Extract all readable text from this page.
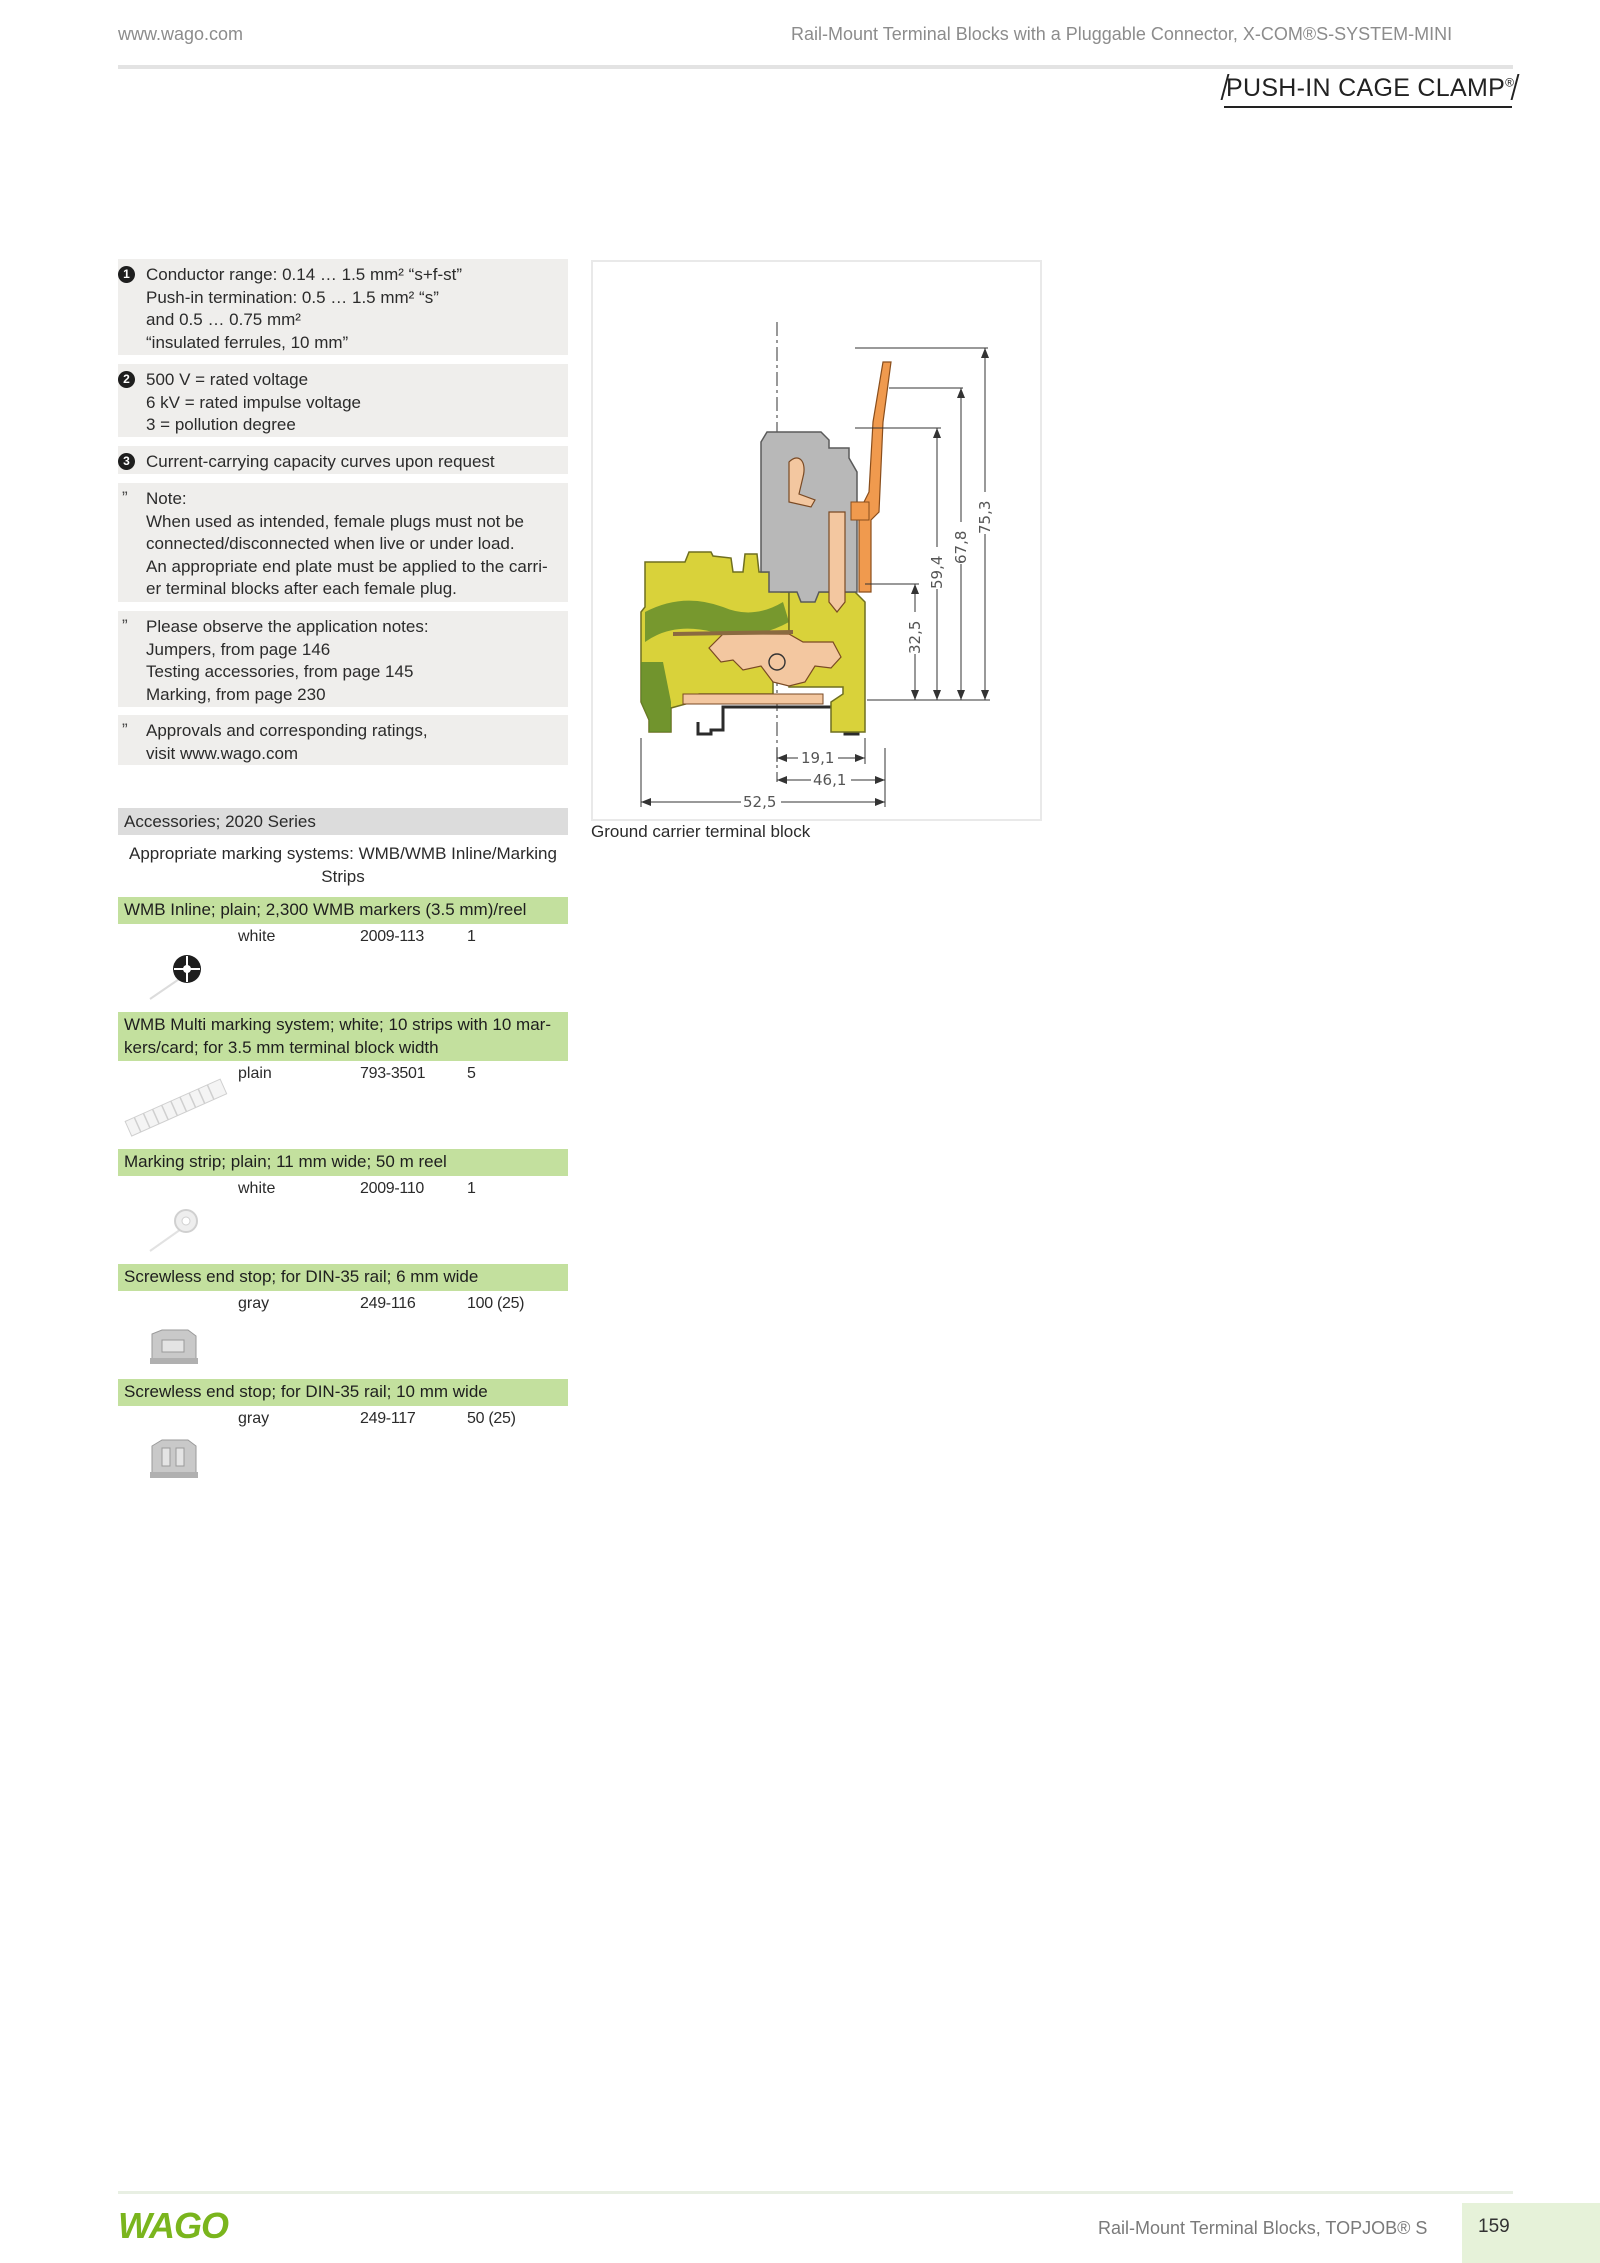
www.wago.com	Rail-Mount Terminal Blocks with a Pluggable Connector, X-COM®S-SYSTEM-MINI
PUSH-IN CAGE CLAMP®
1 Conductor range: 0.14 … 1.5 mm² “s+f-st”
Push-in termination: 0.5 … 1.5 mm² “s”
and 0.5 … 0.75 mm²
“insulated ferrules, 10 mm”
2 500 V = rated voltage
6 kV = rated impulse voltage
3 = pollution degree
3 Current-carrying capacity curves upon request
” Note:
When used as intended, female plugs must not be
connected/disconnected when live or under load.
An appropriate end plate must be applied to the carri-
er terminal blocks after each female plug.
” Please observe the application notes:
Jumpers, from page 146
Testing accessories, from page 145
Marking, from page 230
” Approvals and corresponding ratings,
visit www.wago.com
Accessories; 2020 Series
Appropriate marking systems: WMB/WMB Inline/Marking Strips
WMB Inline; plain; 2,300 WMB markers (3.5 mm)/reel
white	2009-113	1
WMB Multi marking system; white; 10 strips with 10 mar-kers/card; for 3.5 mm terminal block width
plain	793-3501	5
Marking strip; plain; 11 mm wide; 50 m reel
white	2009-110	1
Screwless end stop; for DIN-35 rail; 6 mm wide
gray	249-116	100 (25)
Screwless end stop; for DIN-35 rail; 10 mm wide
gray	249-117	50 (25)
75,3
67,8
59,4
32,5
19,1
46,1
52,5
Ground carrier terminal block
WAGO	Rail-Mount Terminal Blocks, TOPJOB® S	159
